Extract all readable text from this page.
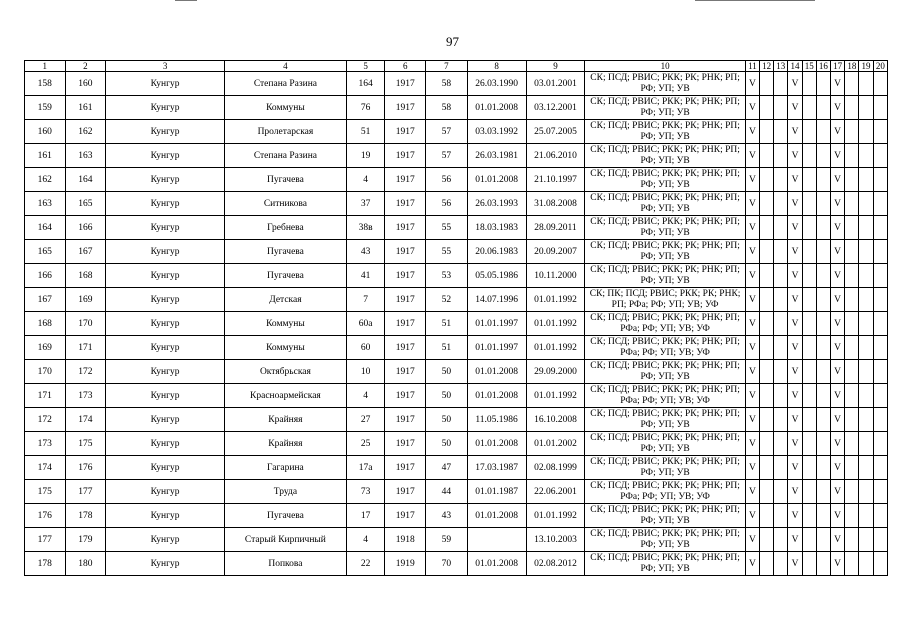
97
1	2	3	4	5	6	7	8	9	10	11	12	13	14	15	16	17	18	19	20
158	160	Кунгур	Степана Разина	164	1917	58	26.03.1990	03.01.2001	СК; ПСД; РВИС; РКК; РК; РНК; РП;
РФ; УП; УВ	V			V			V			
159	161	Кунгур	Коммуны	76	1917	58	01.01.2008	03.12.2001	СК; ПСД; РВИС; РКК; РК; РНК; РП;
РФ; УП; УВ	V			V			V			
160	162	Кунгур	Пролетарская	51	1917	57	03.03.1992	25.07.2005	СК; ПСД; РВИС; РКК; РК; РНК; РП;
РФ; УП; УВ	V			V			V			
161	163	Кунгур	Степана Разина	19	1917	57	26.03.1981	21.06.2010	СК; ПСД; РВИС; РКК; РК; РНК; РП;
РФ; УП; УВ	V			V			V			
162	164	Кунгур	Пугачева	4	1917	56	01.01.2008	21.10.1997	СК; ПСД; РВИС; РКК; РК; РНК; РП;
РФ; УП; УВ	V			V			V			
163	165	Кунгур	Ситникова	37	1917	56	26.03.1993	31.08.2008	СК; ПСД; РВИС; РКК; РК; РНК; РП;
РФ; УП; УВ	V			V			V			
164	166	Кунгур	Гребнева	38в	1917	55	18.03.1983	28.09.2011	СК; ПСД; РВИС; РКК; РК; РНК; РП;
РФ; УП; УВ	V			V			V			
165	167	Кунгур	Пугачева	43	1917	55	20.06.1983	20.09.2007	СК; ПСД; РВИС; РКК; РК; РНК; РП;
РФ; УП; УВ	V			V			V			
166	168	Кунгур	Пугачева	41	1917	53	05.05.1986	10.11.2000	СК; ПСД; РВИС; РКК; РК; РНК; РП;
РФ; УП; УВ	V			V			V			
167	169	Кунгур	Детская	7	1917	52	14.07.1996	01.01.1992	СК; ПК; ПСД; РВИС; РКК; РК; РНК;
РП; РФа; РФ; УП; УВ; УФ	V			V			V			
168	170	Кунгур	Коммуны	60а	1917	51	01.01.1997	01.01.1992	СК; ПСД; РВИС; РКК; РК; РНК; РП;
РФа; РФ; УП; УВ; УФ	V			V			V			
169	171	Кунгур	Коммуны	60	1917	51	01.01.1997	01.01.1992	СК; ПСД; РВИС; РКК; РК; РНК; РП;
РФа; РФ; УП; УВ; УФ	V			V			V			
170	172	Кунгур	Октябрьская	10	1917	50	01.01.2008	29.09.2000	СК; ПСД; РВИС; РКК; РК; РНК; РП;
РФ; УП; УВ	V			V			V			
171	173	Кунгур	Красноармейская	4	1917	50	01.01.2008	01.01.1992	СК; ПСД; РВИС; РКК; РК; РНК; РП;
РФа; РФ; УП; УВ; УФ	V			V			V			
172	174	Кунгур	Крайняя	27	1917	50	11.05.1986	16.10.2008	СК; ПСД; РВИС; РКК; РК; РНК; РП;
РФ; УП; УВ	V			V			V			
173	175	Кунгур	Крайняя	25	1917	50	01.01.2008	01.01.2002	СК; ПСД; РВИС; РКК; РК; РНК; РП;
РФ; УП; УВ	V			V			V			
174	176	Кунгур	Гагарина	17а	1917	47	17.03.1987	02.08.1999	СК; ПСД; РВИС; РКК; РК; РНК; РП;
РФ; УП; УВ	V			V			V			
175	177	Кунгур	Труда	73	1917	44	01.01.1987	22.06.2001	СК; ПСД; РВИС; РКК; РК; РНК; РП;
РФа; РФ; УП; УВ; УФ	V			V			V			
176	178	Кунгур	Пугачева	17	1917	43	01.01.2008	01.01.1992	СК; ПСД; РВИС; РКК; РК; РНК; РП;
РФ; УП; УВ	V			V			V			
177	179	Кунгур	Старый Кирпичный	4	1918	59		13.10.2003	СК; ПСД; РВИС; РКК; РК; РНК; РП;
РФ; УП; УВ	V			V			V			
178	180	Кунгур	Попкова	22	1919	70	01.01.2008	02.08.2012	СК; ПСД; РВИС; РКК; РК; РНК; РП;
РФ; УП; УВ	V			V			V			
